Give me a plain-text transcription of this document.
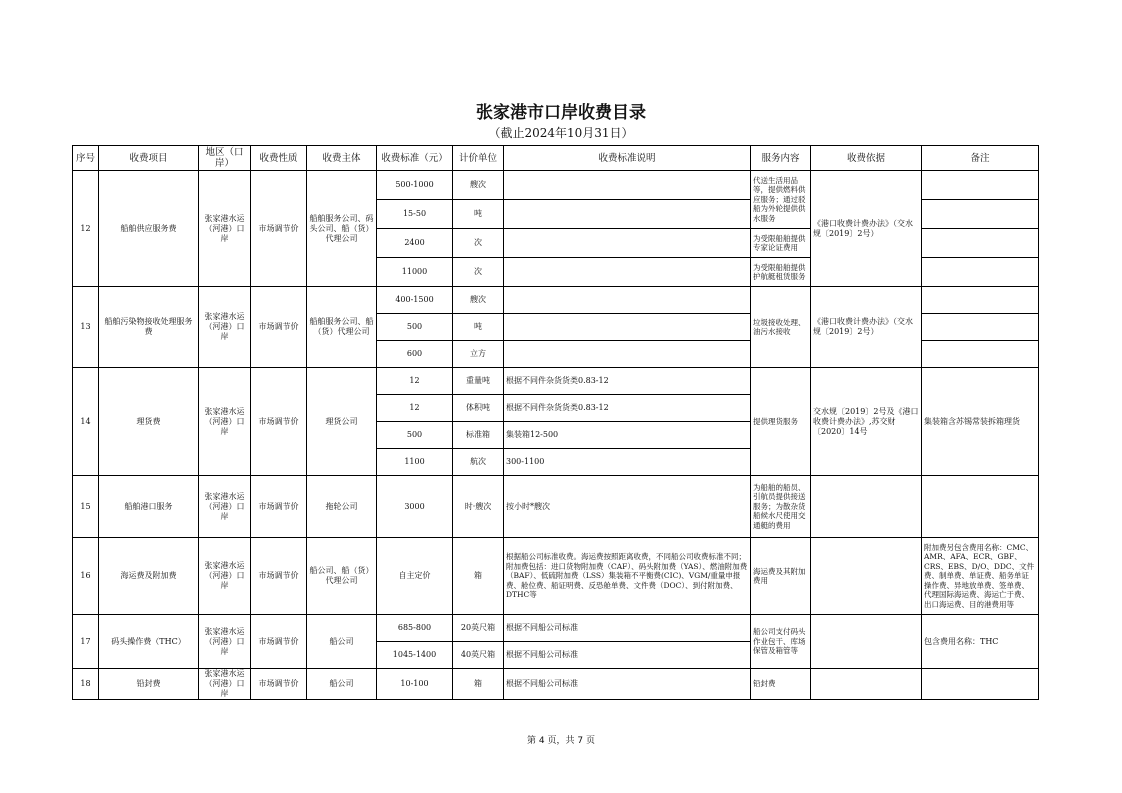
张家港市口岸收费目录
（截止2024年10月31日）
序号	收费项目	地区（口岸）	收费性质	收费主体	收费标准（元）	计价单位	收费标准说明	服务内容	收费依据	备注
12	船舶供应服务费	张家港水运（河港）口岸	市场调节价	船舶服务公司、码头公司、船（货）代理公司	500-1000	艘次		代送生活用品等，提供燃料供应服务；通过驳船为外轮提供供水服务	《港口收费计费办法》（交水规〔2019〕2号）	
					15-50	吨				
					2400	次		为受限船舶提供专家论证费用		
					11000	次		为受限船舶提供护航艇租赁服务		
13	船舶污染物接收处理服务费	张家港水运（河港）口岸	市场调节价	船舶服务公司、船（货）代理公司	400-1500	艘次		垃圾接收处理、油污水接收	《港口收费计费办法》（交水规〔2019〕2号）	
					500	吨				
					600	立方				
14	理货费	张家港水运（河港）口岸	市场调节价	理货公司	12	重量吨	根据不同件杂货货类0.83-12	提供理货服务	交水规〔2019〕2号及《港口收费计费办法》,苏交财〔2020〕14号	集装箱含苏锡常装拆箱理货
					12	体积吨	根据不同件杂货货类0.83-12			
					500	标准箱	集装箱12-500			
					1100	航次	300-1100			
15	船舶港口服务	张家港水运（河港）口岸	市场调节价	拖轮公司	3000	时·艘次	按小时*艘次	为船舶的船员、引航员提供接送服务；为散杂货船候水尺使用交通艇的费用		
16	海运费及附加费	张家港水运（河港）口岸	市场调节价	船公司、船（货）代理公司	自主定价	箱	根据船公司标准收费。海运费按照距离收费，不同船公司收费标准不同；附加费包括：进口货物附加费（CAF）、码头附加费（YAS）、燃油附加费（BAF）、低硫附加费（LSS）集装箱不平衡费(CIC)、VGM/重量申报费、舱位费、船证明费、反恐舱单费、文件费（DOC）、到付附加费、DTHC等	海运费及其附加费用		附加费另包含费用名称：CMC、AMR、AFA、ECR、GBF、CRS、EBS、D/O、DDC、文件费、制单费、单证费、船务单证操作费、异地放单费、签单费、代理国际海运费、海运亡于费、出口海运费、目的港费用等
17	码头操作费（THC）	张家港水运（河港）口岸	市场调节价	船公司	685-800	20英尺箱	根据不同船公司标准	船公司支付码头作业包干、库场保管及箱管等		包含费用名称：THC
					1045-1400	40英尺箱	根据不同船公司标准			
18	铅封费	张家港水运（河港）口岸	市场调节价	船公司	10-100	箱	根据不同船公司标准	铅封费		
第 4 页，共 7 页
